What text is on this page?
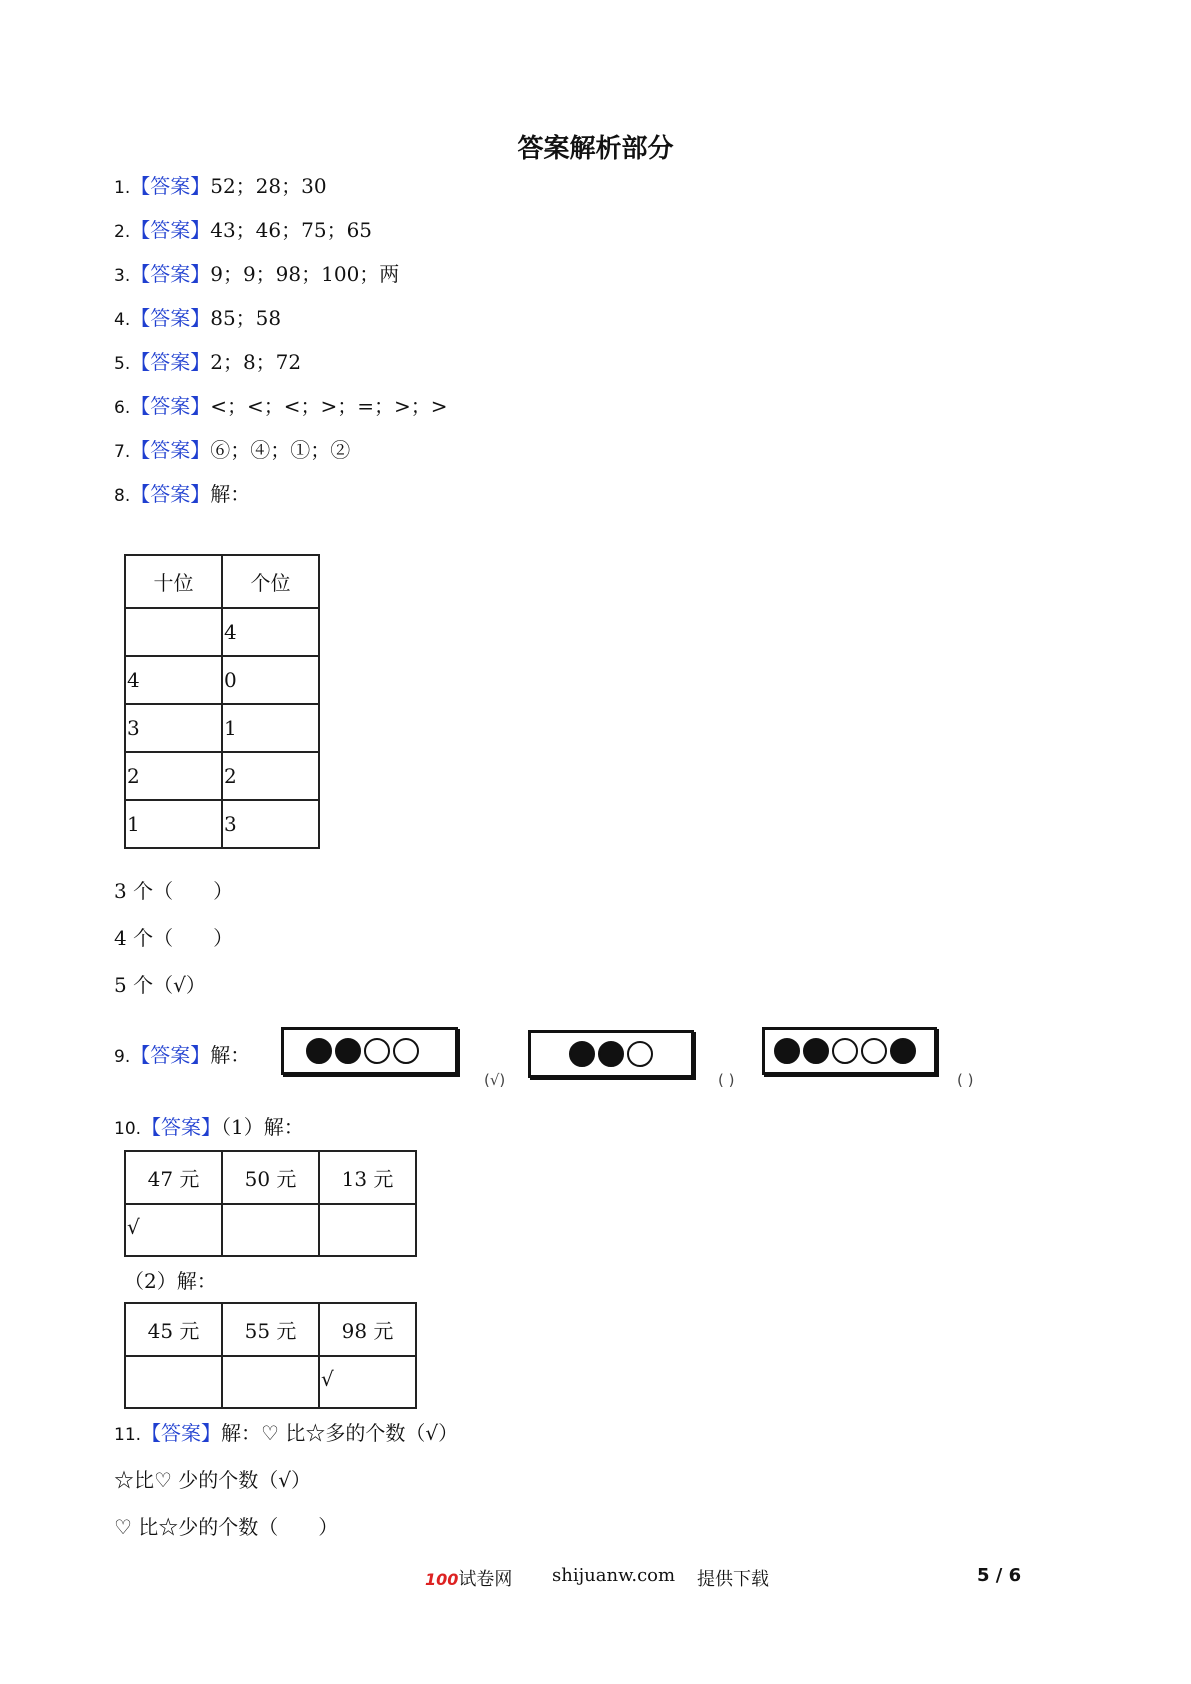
答案解析部分
1.【答案】52；28；30
2.【答案】43；46；75；65
3.【答案】9；9；98；100；两
4.【答案】85；58
5.【答案】2；8；72
6.【答案】<；<；<；>；=；>；>
7.【答案】⑥；④；①；②
8.【答案】解：
十位	个位
	4
4	0
3	1
2	2
1	3
3 个（　　）
4 个（　　）
5 个（√）
9.【答案】解：
(√)	( )	( )
10.【答案】（1）解：
47 元	50 元	13 元
√		
（2）解：
45 元	55 元	98 元
		√
11.【答案】解：♡ 比☆多的个数（√）
☆比♡ 少的个数（√）
♡ 比☆少的个数（　　）
100试卷网 shijuanw.com 提供下载	5 / 6
